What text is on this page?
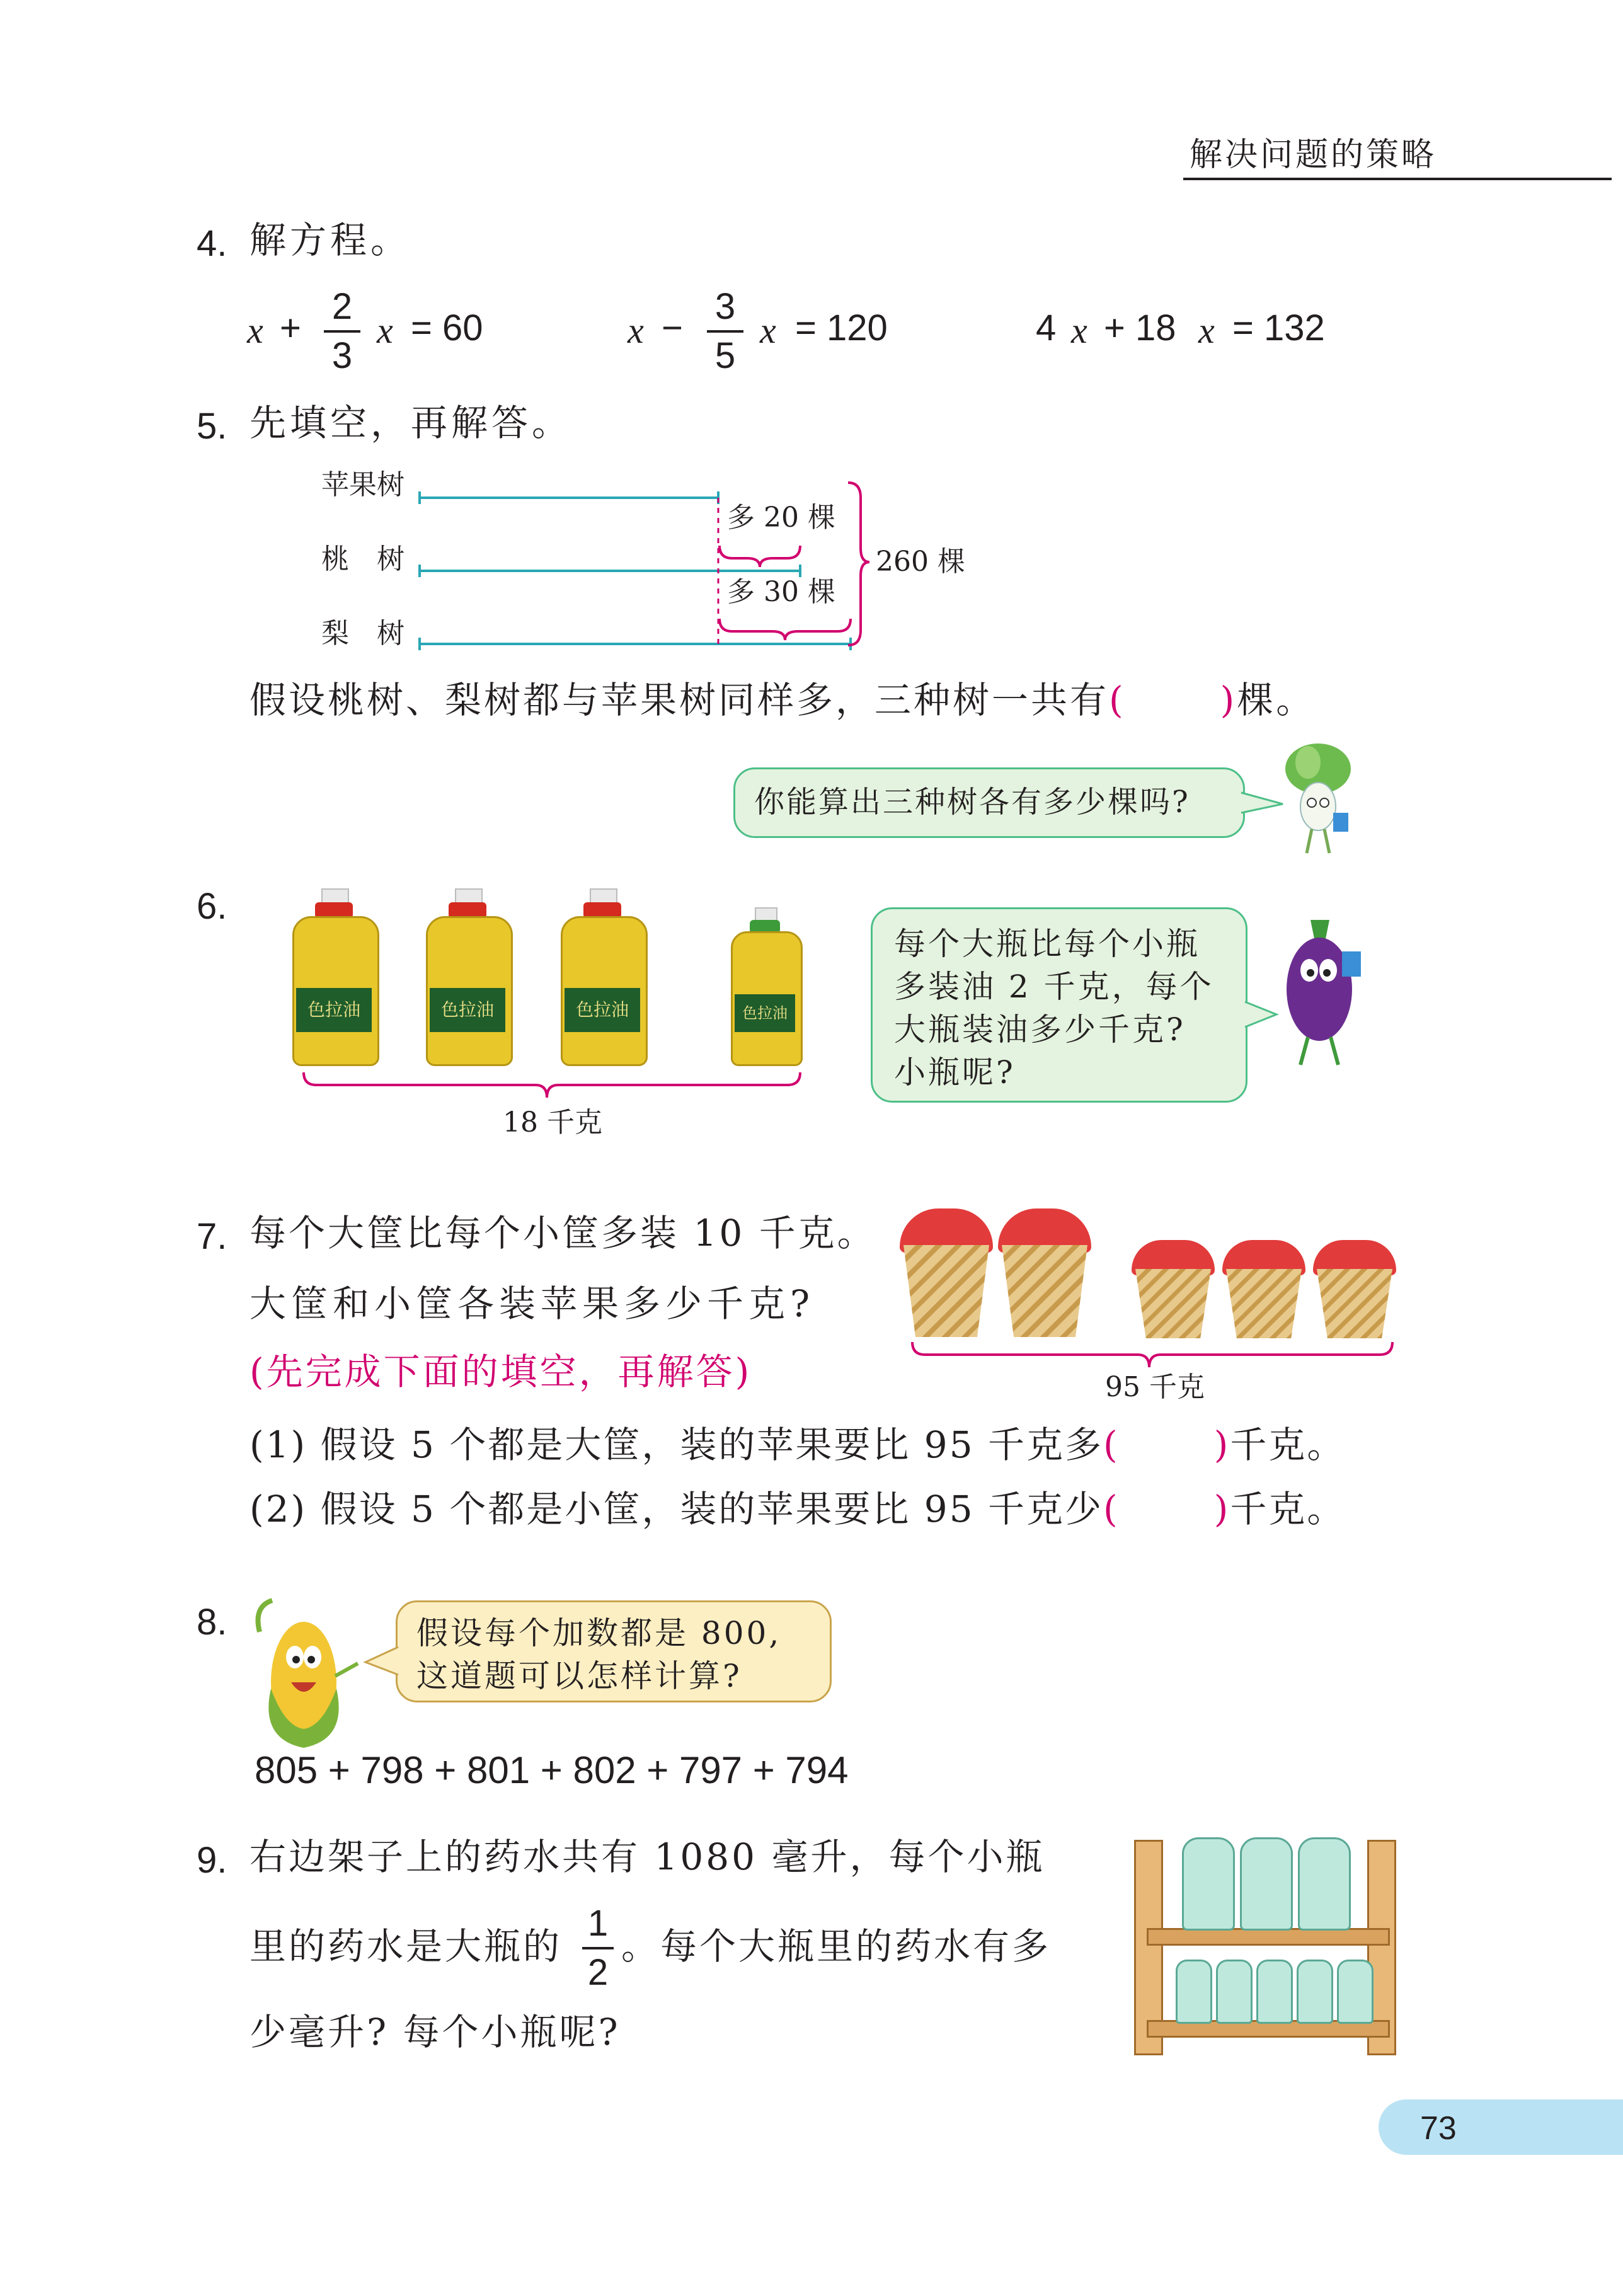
解决问题的策略
4. 解方程。
x +
2
3
x = 60	x −
3
5
x = 120	4 x + 18 x = 132
5. 先填空，再解答。
苹果树
桃　树
梨　树
多 20 棵
多 30 棵
260 棵
假设桃树、梨树都与苹果树同样多，三种树一共有(	)棵。
你能算出三种树各有多少棵吗?
6.
色拉油	色拉油	色拉油	色拉油
18 千克
每个大瓶比每个小瓶
多装油 2 千克，每个
大瓶装油多少千克?
小瓶呢?
7. 每个大筐比每个小筐多装 10 千克。
大筐和小筐各装苹果多少千克?
(先完成下面的填空，再解答)	95 千克
(1) 假设 5 个都是大筐，装的苹果要比 95 千克多(	)千克。
(2) 假设 5 个都是小筐，装的苹果要比 95 千克少(	)千克。
8.	假设每个加数都是 800,
这道题可以怎样计算?
805 + 798 + 801 + 802 + 797 + 794
9. 右边架子上的药水共有 1080 毫升，每个小瓶
里的药水是大瓶的
1
2
。每个大瓶里的药水有多
少毫升? 每个小瓶呢?
73
